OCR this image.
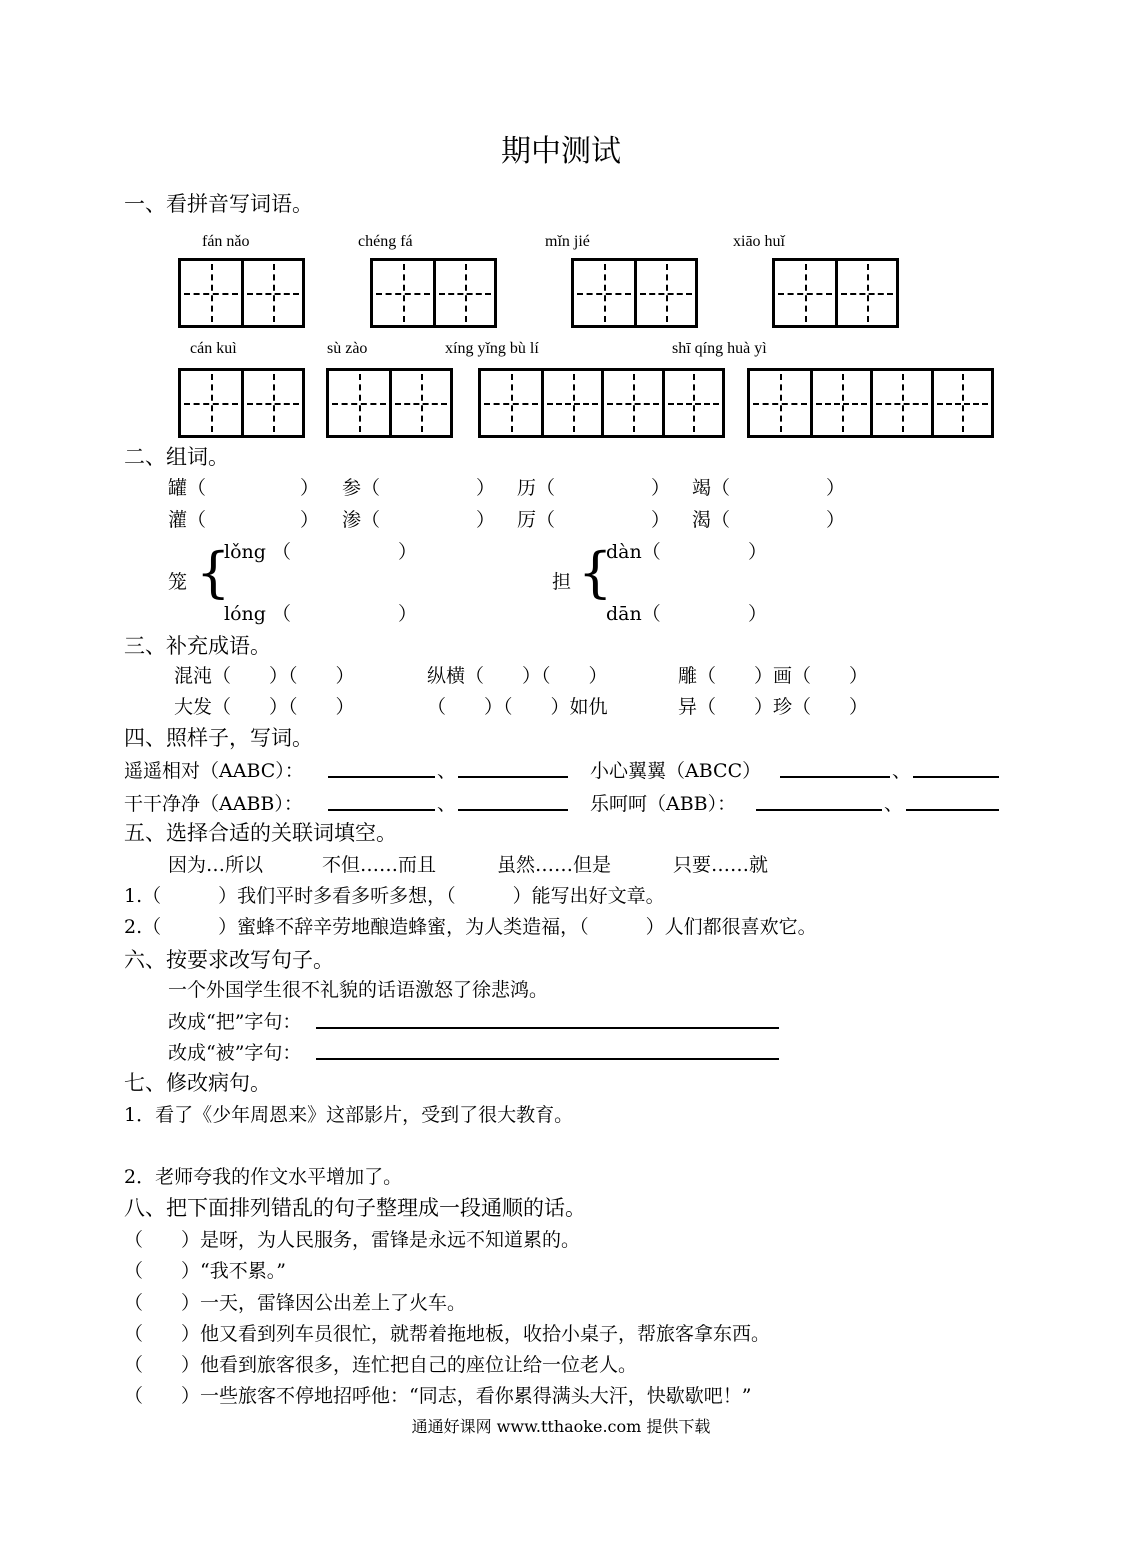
期中测试
一、看拼音写词语。
fán nǎo	chéng fá	mǐn jié	xiāo huǐ
cán kuì	sù zào	xíng yǐng bù lí	shī qíng huà yì
二、组词。
罐（	） 参（	） 历（	） 竭（	）
灌（	） 渗（	） 厉（	） 渴（	）
笼 {
lǒng （	）
lóng （	）
担 {
dàn（	）
dān（	）
三、补充成语。
混沌（　　）（　　）	纵横（　　）（　　）	雕（　　）画（　　）
大发（　　）（　　）	（　　）（　　）如仇	异（　　）珍（　　）
四、照样子，写词。
遥遥相对（AABC）：	、	小心翼翼（ABCC）	、
干干净净（AABB）：	、	乐呵呵（ABB）：	、
五、选择合适的关联词填空。
因为…所以	不但……而且	虽然……但是	只要……就
1.（　　　）我们平时多看多听多想，（　　　）能写出好文章。
2.（　　　）蜜蜂不辞辛劳地酿造蜂蜜，为人类造福，（　　　）人们都很喜欢它。
六、按要求改写句子。
一个外国学生很不礼貌的话语激怒了徐悲鸿。
改成“把”字句：
改成“被”字句：
七、修改病句。
1．看了《少年周恩来》这部影片，受到了很大教育。
2．老师夸我的作文水平增加了。
八、把下面排列错乱的句子整理成一段通顺的话。
（　　）是呀，为人民服务，雷锋是永远不知道累的。
（　　）“我不累。”
（　　）一天，雷锋因公出差上了火车。
（　　）他又看到列车员很忙，就帮着拖地板，收拾小桌子，帮旅客拿东西。
（　　）他看到旅客很多，连忙把自己的座位让给一位老人。
（　　）一些旅客不停地招呼他：“同志，看你累得满头大汗，快歇歇吧！”
通通好课网 www.tthaoke.com 提供下载
